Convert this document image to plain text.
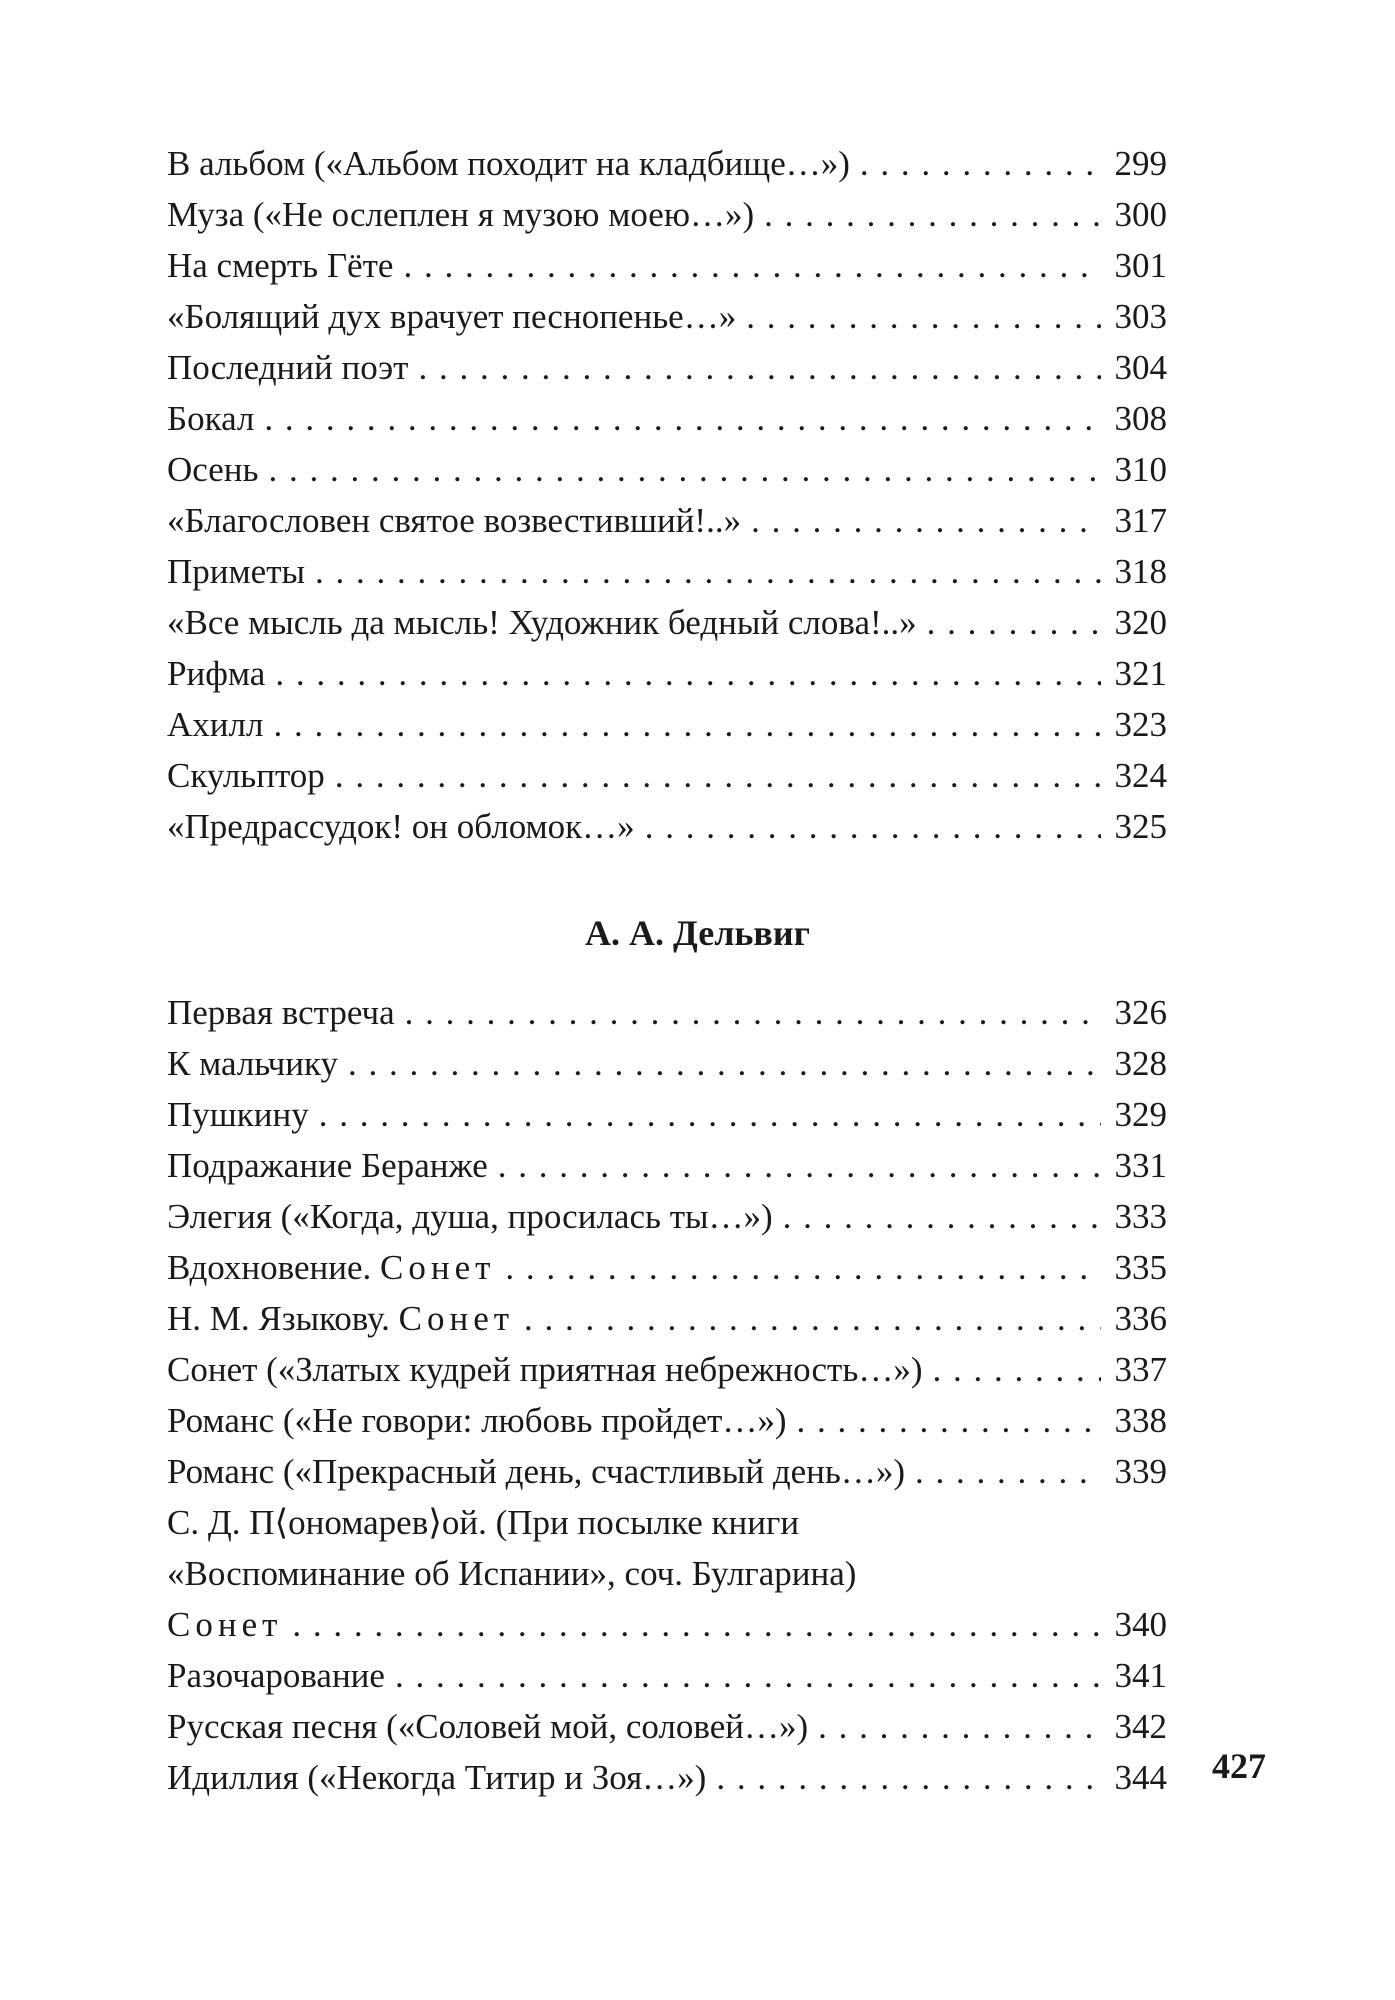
В альбом («Альбом походит на кладбище…») . . .	299
Муза («Не ослеплен я музою моею…») . . .	300
На смерть Гёте . . .	301
«Болящий дух врачует песнопенье…» . . .	303
Последний поэт . . .	304
Бокал . . .	308
Осень . . .	310
«Благословен святое возвестивший!..» . . .	317
Приметы . . .	318
«Все мысль да мысль! Художник бедный слова!..» . . .	320
Рифма . . .	321
Ахилл . . .	323
Скульптор . . .	324
«Предрассудок! он обломок…» . . .	325
А. А. Дельвиг
Первая встреча . . .	326
К мальчику . . .	328
Пушкину . . .	329
Подражание Беранже . . .	331
Элегия («Когда, душа, просилась ты…») . . .	333
Вдохновение. Сонет . . .	335
Н. М. Языкову. Сонет . . .	336
Сонет («Златых кудрей приятная небрежность…») . . .	337
Романс («Не говори: любовь пройдет…») . . .	338
Романс («Прекрасный день, счастливый день…») . . .	339
С. Д. П⟨ономарев⟩ой. (При посылке книги
«Воспоминание об Испании», соч. Булгарина)
Сонет . . .	340
Разочарование . . .	341
Русская песня («Соловей мой, соловей…») . . .	342
Идиллия («Некогда Титир и Зоя…») . . .	344 427
